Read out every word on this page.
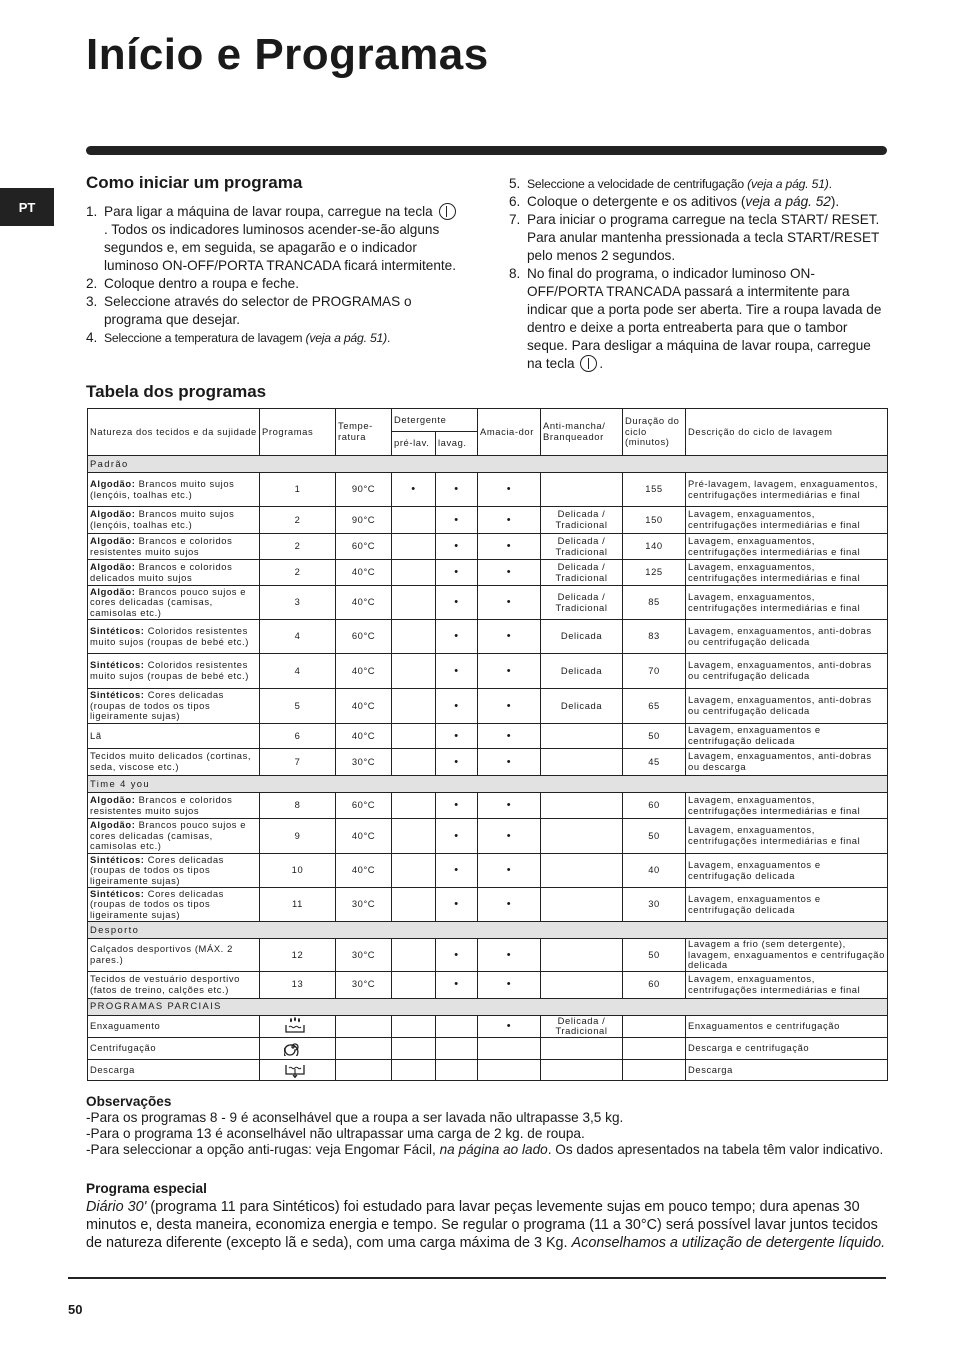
Início e Programas
PT
Como iniciar um programa
1. Para ligar a máquina de lavar roupa, carregue na tecla . Todos os indicadores luminosos acender-se-ão alguns segundos e, em seguida, se apagarão e o indicador luminoso ON-OFF/PORTA TRANCADA ficará intermitente.
2. Coloque dentro a roupa e feche.
3. Seleccione através do selector de PROGRAMAS o programa que desejar.
4. Seleccione a temperatura de lavagem (veja a pág. 51).
5. Seleccione a velocidade de centrifugação (veja a pág. 51).
6. Coloque o detergente e os aditivos (veja a pág. 52).
7. Para iniciar o programa carregue na tecla START/ RESET.
Para anular mantenha pressionada a tecla START/RESET pelo menos 2 segundos.
8. No final do programa, o indicador luminoso ON-OFF/PORTA TRANCADA passará a intermitente para indicar que a porta pode ser aberta. Tire a roupa lavada de dentro e deixe a porta entreaberta para que o tambor seque. Para desligar a máquina de lavar roupa, carregue na tecla .
Tabela dos programas
Natureza dos tecidos e da sujidade	Programas	Tempe-ratura	Detergente		Amacia-dor	Anti-mancha/ Branqueador	Duração do ciclo (minutos)	Descrição do ciclo de lavagem
			pré-lav.	lavag.				
Padrão								
Algodão: Brancos muito sujos (lençóis, toalhas etc.)	1	90°C	•	•	•		155	Pré-lavagem, lavagem, enxaguamentos, centrifugações intermediárias e final
Algodão: Brancos muito sujos (lençóis, toalhas etc.)	2	90°C		•	•	Delicada / Tradicional	150	Lavagem, enxaguamentos, centrifugações intermediárias e final
Algodão: Brancos e coloridos resistentes muito sujos	2	60°C		•	•	Delicada / Tradicional	140	Lavagem, enxaguamentos, centrifugações intermediárias e final
Algodão: Brancos e coloridos delicados muito sujos	2	40°C		•	•	Delicada / Tradicional	125	Lavagem, enxaguamentos, centrifugações intermediárias e final
Algodão: Brancos pouco sujos e cores delicadas (camisas, camisolas etc.)	3	40°C		•	•	Delicada / Tradicional	85	Lavagem, enxaguamentos, centrifugações intermediárias e final
Sintéticos: Coloridos resistentes muito sujos (roupas de bebé etc.)	4	60°C		•	•	Delicada	83	Lavagem, enxaguamentos, anti-dobras ou centrifugação delicada
Sintéticos: Coloridos resistentes muito sujos (roupas de bebé etc.)	4	40°C		•	•	Delicada	70	Lavagem, enxaguamentos, anti-dobras ou centrifugação delicada
Sintéticos: Cores delicadas (roupas de todos os tipos ligeiramente sujas)	5	40°C		•	•	Delicada	65	Lavagem, enxaguamentos, anti-dobras ou centrifugação delicada
Lã	6	40°C		•	•		50	Lavagem, enxaguamentos e centrifugação delicada
Tecidos muito delicados (cortinas, seda, viscose etc.)	7	30°C		•	•		45	Lavagem, enxaguamentos, anti-dobras ou descarga
Time 4 you								
Algodão: Brancos e coloridos resistentes muito sujos	8	60°C		•	•		60	Lavagem, enxaguamentos, centrifugações intermediárias e final
Algodão: Brancos pouco sujos e cores delicadas (camisas, camisolas etc.)	9	40°C		•	•		50	Lavagem, enxaguamentos, centrifugações intermediárias e final
Sintéticos: Cores delicadas (roupas de todos os tipos ligeiramente sujas)	10	40°C		•	•		40	Lavagem, enxaguamentos e centrifugação delicada
Sintéticos: Cores delicadas (roupas de todos os tipos ligeiramente sujas)	11	30°C		•	•		30	Lavagem, enxaguamentos e centrifugação delicada
Desporto								
Calçados desportivos (MÁX. 2 pares.)	12	30°C		•	•		50	Lavagem a frio (sem detergente), lavagem, enxaguamentos e centrifugação delicada
Tecidos de vestuário desportivo (fatos de treino, calções etc.)	13	30°C		•	•		60	Lavagem, enxaguamentos, centrifugações intermediárias e final
PROGRAMAS PARCIAIS								
Enxaguamento					•	Delicada / Tradicional		Enxaguamentos e centrifugação
Centrifugação								Descarga e centrifugação
Descarga								Descarga
Observações
-Para os programas 8 - 9 é aconselhável que a roupa a ser lavada não ultrapasse 3,5 kg.
-Para o programa 13 é aconselhável não ultrapassar uma carga de 2 kg. de roupa.
-Para seleccionar a opção anti-rugas: veja Engomar Fácil, na página ao lado. Os dados apresentados na tabela têm valor indicativo.
Programa especial
Diário 30' (programa 11 para Sintéticos) foi estudado para lavar peças levemente sujas em pouco tempo; dura apenas 30 minutos e, desta maneira, economiza energia e tempo. Se regular o programa (11 a 30°C) será possível lavar juntos tecidos de natureza diferente (excepto lã e seda), com uma carga máxima de 3 Kg. Aconselhamos a utilização de detergente líquido.
50
